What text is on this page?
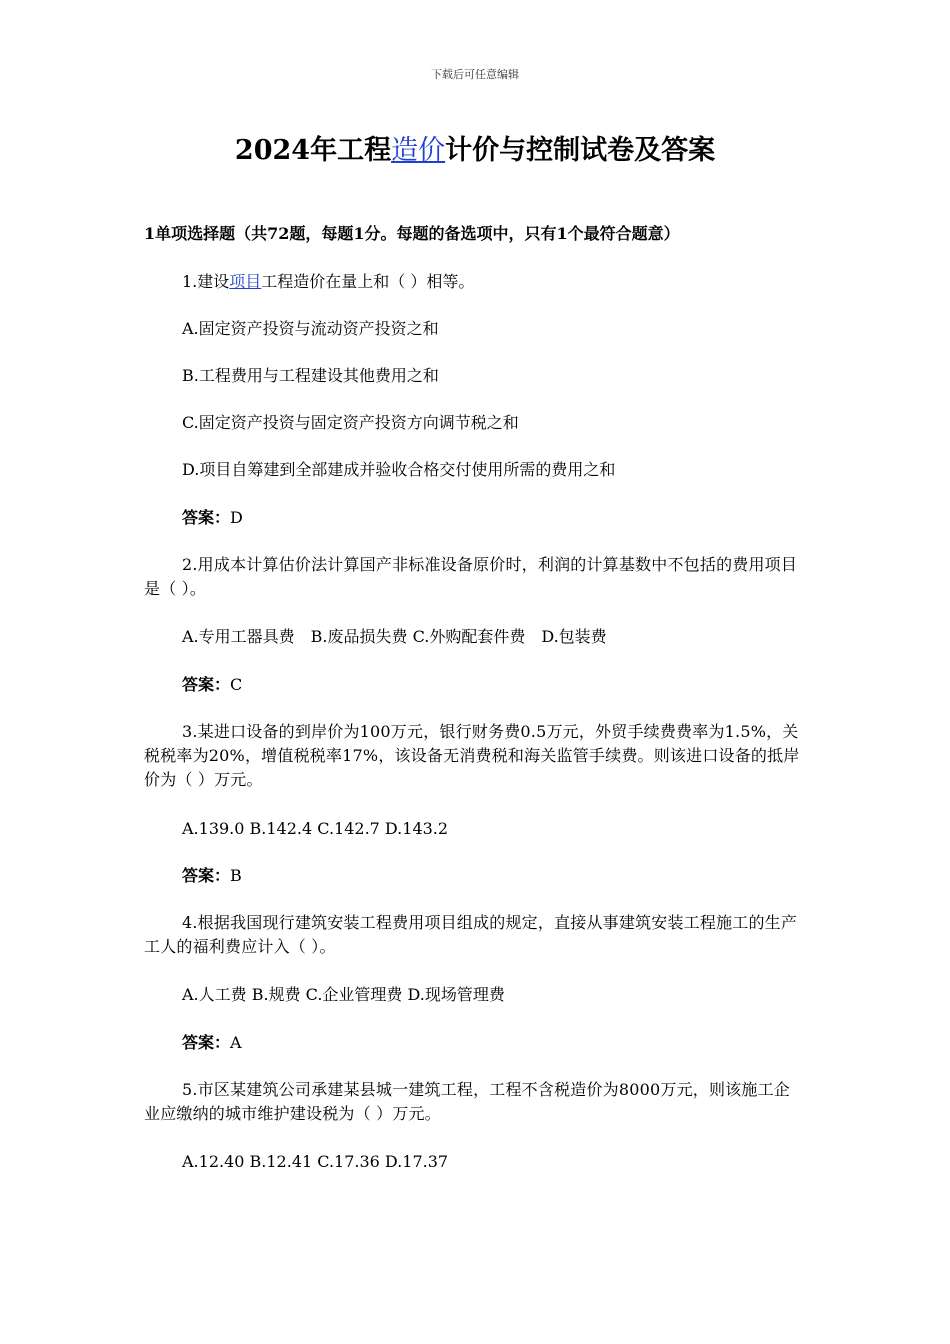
下载后可任意编辑
2024年工程造价计价与控制试卷及答案
1单项选择题（共72题，每题1分。每题的备选项中，只有1个最符合题意）
1.建设项目工程造价在量上和（ ）相等。
A.固定资产投资与流动资产投资之和
B.工程费用与工程建设其他费用之和
C.固定资产投资与固定资产投资方向调节税之和
D.项目自筹建到全部建成并验收合格交付使用所需的费用之和
答案：D
2.用成本计算估价法计算国产非标准设备原价时，利润的计算基数中不包括的费用项目是（ ）。
A.专用工器具费　B.废品损失费 C.外购配套件费　D.包装费
答案：C
3.某进口设备的到岸价为100万元，银行财务费0.5万元，外贸手续费费率为1.5%，关税税率为20%，增值税税率17%，该设备无消费税和海关监管手续费。则该进口设备的抵岸价为（ ）万元。
A.139.0 B.142.4 C.142.7 D.143.2
答案：B
4.根据我国现行建筑安装工程费用项目组成的规定，直接从事建筑安装工程施工的生产工人的福利费应计入（ ）。
A.人工费 B.规费 C.企业管理费 D.现场管理费
答案：A
5.市区某建筑公司承建某县城一建筑工程，工程不含税造价为8000万元，则该施工企业应缴纳的城市维护建设税为（ ）万元。
A.12.40 B.12.41 C.17.36 D.17.37
